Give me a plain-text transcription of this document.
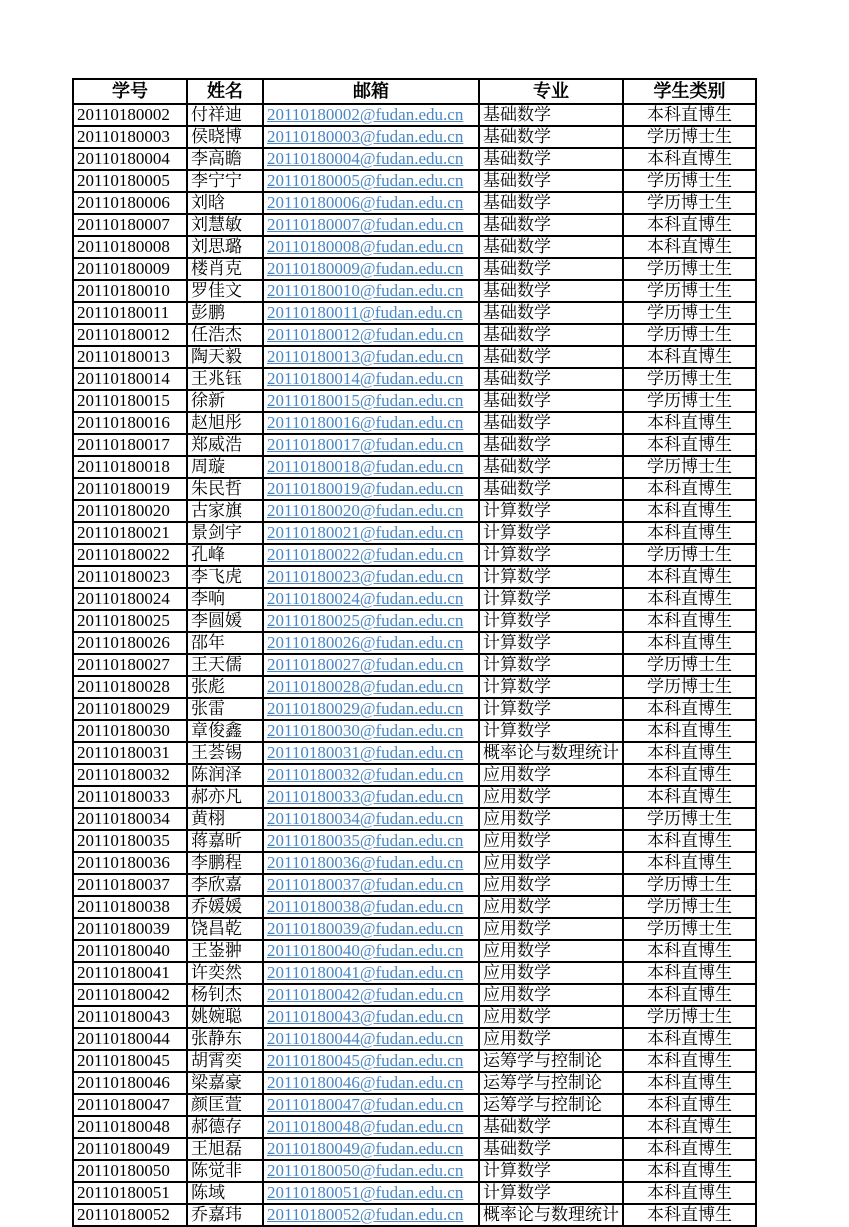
学号	姓名	邮箱	专业	学生类别
20110180002	付祥迪	20110180002@fudan.edu.cn	基础数学	本科直博生
20110180003	侯晓博	20110180003@fudan.edu.cn	基础数学	学历博士生
20110180004	李高瞻	20110180004@fudan.edu.cn	基础数学	本科直博生
20110180005	李宁宁	20110180005@fudan.edu.cn	基础数学	学历博士生
20110180006	刘晗	20110180006@fudan.edu.cn	基础数学	学历博士生
20110180007	刘慧敏	20110180007@fudan.edu.cn	基础数学	本科直博生
20110180008	刘思璐	20110180008@fudan.edu.cn	基础数学	本科直博生
20110180009	楼肖克	20110180009@fudan.edu.cn	基础数学	学历博士生
20110180010	罗佳文	20110180010@fudan.edu.cn	基础数学	学历博士生
20110180011	彭鹏	20110180011@fudan.edu.cn	基础数学	学历博士生
20110180012	任浩杰	20110180012@fudan.edu.cn	基础数学	学历博士生
20110180013	陶天毅	20110180013@fudan.edu.cn	基础数学	本科直博生
20110180014	王兆钰	20110180014@fudan.edu.cn	基础数学	学历博士生
20110180015	徐新	20110180015@fudan.edu.cn	基础数学	学历博士生
20110180016	赵旭彤	20110180016@fudan.edu.cn	基础数学	本科直博生
20110180017	郑威浩	20110180017@fudan.edu.cn	基础数学	本科直博生
20110180018	周璇	20110180018@fudan.edu.cn	基础数学	学历博士生
20110180019	朱民哲	20110180019@fudan.edu.cn	基础数学	本科直博生
20110180020	古家旗	20110180020@fudan.edu.cn	计算数学	本科直博生
20110180021	景剑宇	20110180021@fudan.edu.cn	计算数学	本科直博生
20110180022	孔峰	20110180022@fudan.edu.cn	计算数学	学历博士生
20110180023	李飞虎	20110180023@fudan.edu.cn	计算数学	本科直博生
20110180024	李响	20110180024@fudan.edu.cn	计算数学	本科直博生
20110180025	李圆媛	20110180025@fudan.edu.cn	计算数学	本科直博生
20110180026	邵年	20110180026@fudan.edu.cn	计算数学	本科直博生
20110180027	王天儒	20110180027@fudan.edu.cn	计算数学	学历博士生
20110180028	张彪	20110180028@fudan.edu.cn	计算数学	学历博士生
20110180029	张雷	20110180029@fudan.edu.cn	计算数学	本科直博生
20110180030	章俊鑫	20110180030@fudan.edu.cn	计算数学	本科直博生
20110180031	王荟锡	20110180031@fudan.edu.cn	概率论与数理统计	本科直博生
20110180032	陈润泽	20110180032@fudan.edu.cn	应用数学	本科直博生
20110180033	郝亦凡	20110180033@fudan.edu.cn	应用数学	本科直博生
20110180034	黄栩	20110180034@fudan.edu.cn	应用数学	学历博士生
20110180035	蒋嘉昕	20110180035@fudan.edu.cn	应用数学	本科直博生
20110180036	李鹏程	20110180036@fudan.edu.cn	应用数学	本科直博生
20110180037	李欣嘉	20110180037@fudan.edu.cn	应用数学	学历博士生
20110180038	乔媛媛	20110180038@fudan.edu.cn	应用数学	学历博士生
20110180039	饶昌乾	20110180039@fudan.edu.cn	应用数学	学历博士生
20110180040	王崟翀	20110180040@fudan.edu.cn	应用数学	本科直博生
20110180041	许奕然	20110180041@fudan.edu.cn	应用数学	本科直博生
20110180042	杨钊杰	20110180042@fudan.edu.cn	应用数学	本科直博生
20110180043	姚婉聪	20110180043@fudan.edu.cn	应用数学	学历博士生
20110180044	张静东	20110180044@fudan.edu.cn	应用数学	本科直博生
20110180045	胡霄奕	20110180045@fudan.edu.cn	运筹学与控制论	本科直博生
20110180046	梁嘉豪	20110180046@fudan.edu.cn	运筹学与控制论	本科直博生
20110180047	颜匡萱	20110180047@fudan.edu.cn	运筹学与控制论	本科直博生
20110180048	郝德存	20110180048@fudan.edu.cn	基础数学	本科直博生
20110180049	王旭磊	20110180049@fudan.edu.cn	基础数学	本科直博生
20110180050	陈觉非	20110180050@fudan.edu.cn	计算数学	本科直博生
20110180051	陈域	20110180051@fudan.edu.cn	计算数学	本科直博生
20110180052	乔嘉玮	20110180052@fudan.edu.cn	概率论与数理统计	本科直博生
